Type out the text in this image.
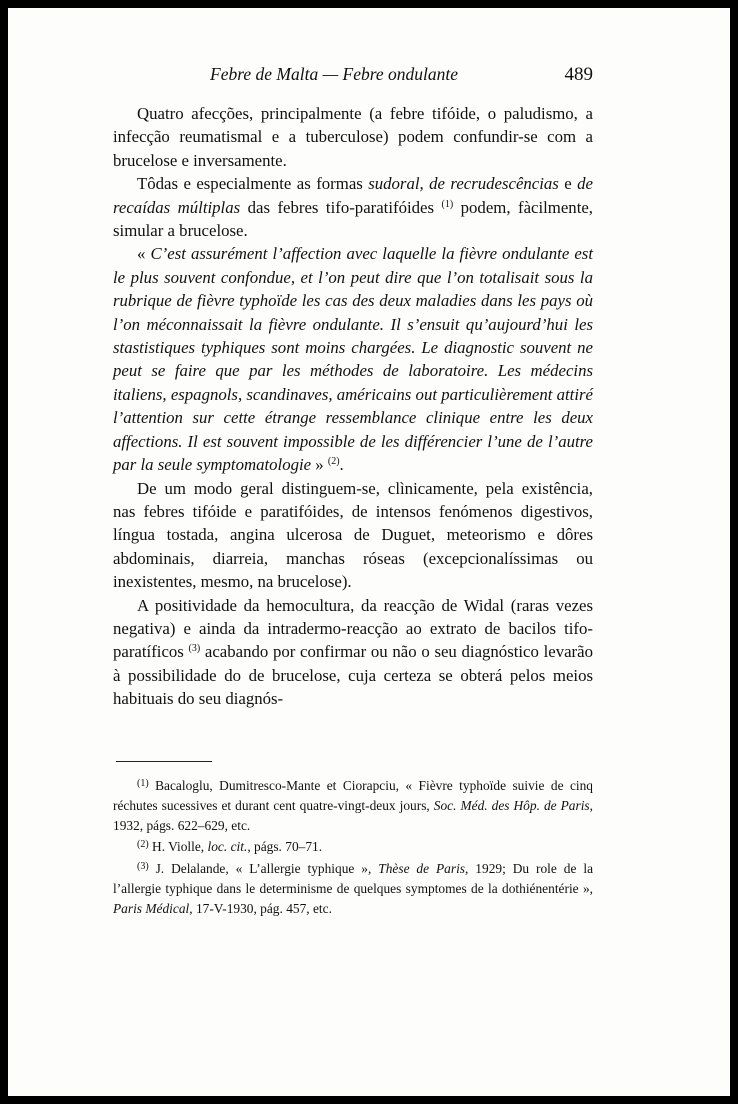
Febre de Malta — Febre ondulante	489

Quatro afecções, principalmente (a febre tifóide, o paludismo, a infecção reumatismal e a tuberculose) podem confundir-se com a brucelose e inversamente.

Tôdas e especialmente as formas sudoral, de recrudescências e de recaídas múltiplas das febres tifo-paratifóides $^{(1)}$ podem, fàcilmente, simular a brucelose.

« C’est assurément l’affection avec laquelle la fièvre ondulante est le plus souvent confondue, et l’on peut dire que l’on totalisait sous la rubrique de fièvre typhoïde les cas des deux maladies dans les pays où l’on méconnaissait la fièvre ondulante. Il s’ensuit qu’aujourd’hui les stastistiques typhiques sont moins chargées. Le diagnostic souvent ne peut se faire que par les méthodes de laboratoire. Les médecins italiens, espagnols, scandinaves, américains out particulièrement attiré l’attention sur cette étrange ressemblance clinique entre les deux affections. Il est souvent impossible de les différencier l’une de l’autre par la seule symptomatologie » $^{(2)}$.

De um modo geral distinguem-se, clìnicamente, pela existência, nas febres tifóide e paratifóides, de intensos fenómenos digestivos, língua tostada, angina ulcerosa de Duguet, meteorismo e dôres abdominais, diarreia, manchas róseas (excepcionalíssimas ou inexistentes, mesmo, na brucelose).

A positividade da hemocultura, da reacção de Widal (raras vezes negativa) e ainda da intradermo-reacção ao extrato de bacilos tifo-paratíficos $^{(3)}$ acabando por confirmar ou não o seu diagnóstico levarão à possibilidade do de brucelose, cuja certeza se obterá pelos meios habituais do seu diagnós-

$^{(1)}$ Bacaloglu, Dumitresco-Mante et Ciorapciu, « Fièvre typhoïde suivie de cinq réchutes sucessives et durant cent quatre-vingt-deux jours, Soc. Méd. des Hôp. de Paris, 1932, págs. 622–629, etc.

$^{(2)}$ H. Violle, loc. cit., págs. 70–71.

$^{(3)}$ J. Delalande, « L’allergie typhique », Thèse de Paris, 1929; Du role de la l’allergie typhique dans le determinisme de quelques symptomes de la dothiénentérie », Paris Médical, 17-V-1930, pág. 457, etc.
